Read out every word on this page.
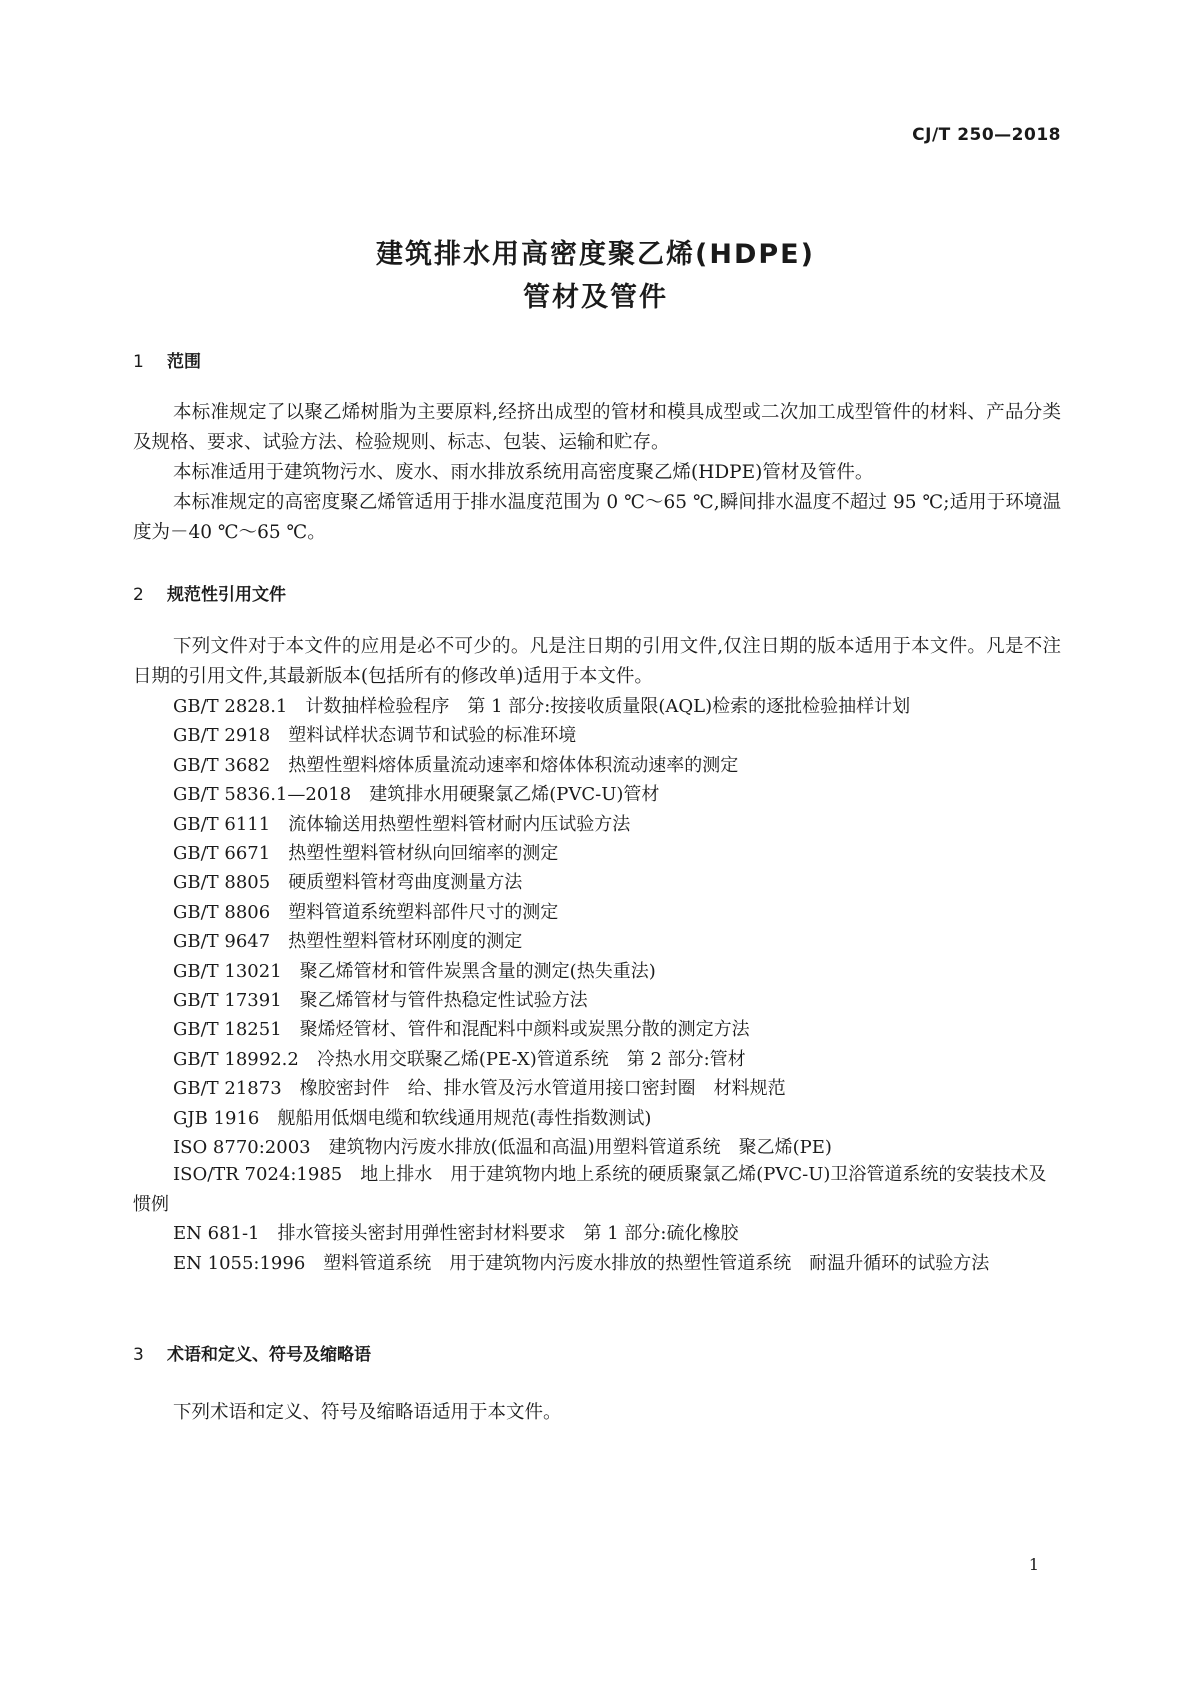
CJ/T 250—2018
建筑排水用高密度聚乙烯(HDPE)
管材及管件
1 范围
本标准规定了以聚乙烯树脂为主要原料,经挤出成型的管材和模具成型或二次加工成型管件的材料、产品分类及规格、要求、试验方法、检验规则、标志、包装、运输和贮存。
本标准适用于建筑物污水、废水、雨水排放系统用高密度聚乙烯(HDPE)管材及管件。
本标准规定的高密度聚乙烯管适用于排水温度范围为 0 ℃～65 ℃,瞬间排水温度不超过 95 ℃;适用于环境温度为－40 ℃～65 ℃。
2 规范性引用文件
下列文件对于本文件的应用是必不可少的。凡是注日期的引用文件,仅注日期的版本适用于本文件。凡是不注日期的引用文件,其最新版本(包括所有的修改单)适用于本文件。
GB/T 2828.1 计数抽样检验程序　第 1 部分:按接收质量限(AQL)检索的逐批检验抽样计划
GB/T 2918 塑料试样状态调节和试验的标准环境
GB/T 3682 热塑性塑料熔体质量流动速率和熔体体积流动速率的测定
GB/T 5836.1—2018 建筑排水用硬聚氯乙烯(PVC-U)管材
GB/T 6111 流体输送用热塑性塑料管材耐内压试验方法
GB/T 6671 热塑性塑料管材纵向回缩率的测定
GB/T 8805 硬质塑料管材弯曲度测量方法
GB/T 8806 塑料管道系统塑料部件尺寸的测定
GB/T 9647 热塑性塑料管材环刚度的测定
GB/T 13021 聚乙烯管材和管件炭黑含量的测定(热失重法)
GB/T 17391 聚乙烯管材与管件热稳定性试验方法
GB/T 18251 聚烯烃管材、管件和混配料中颜料或炭黑分散的测定方法
GB/T 18992.2 冷热水用交联聚乙烯(PE-X)管道系统　第 2 部分:管材
GB/T 21873 橡胶密封件　给、排水管及污水管道用接口密封圈　材料规范
GJB 1916 舰船用低烟电缆和软线通用规范(毒性指数测试)
ISO 8770:2003 建筑物内污废水排放(低温和高温)用塑料管道系统　聚乙烯(PE)
ISO/TR 7024:1985 地上排水　用于建筑物内地上系统的硬质聚氯乙烯(PVC-U)卫浴管道系统的安装技术及惯例
EN 681-1 排水管接头密封用弹性密封材料要求　第 1 部分:硫化橡胶
EN 1055:1996 塑料管道系统　用于建筑物内污废水排放的热塑性管道系统　耐温升循环的试验方法
3 术语和定义、符号及缩略语
下列术语和定义、符号及缩略语适用于本文件。
1
